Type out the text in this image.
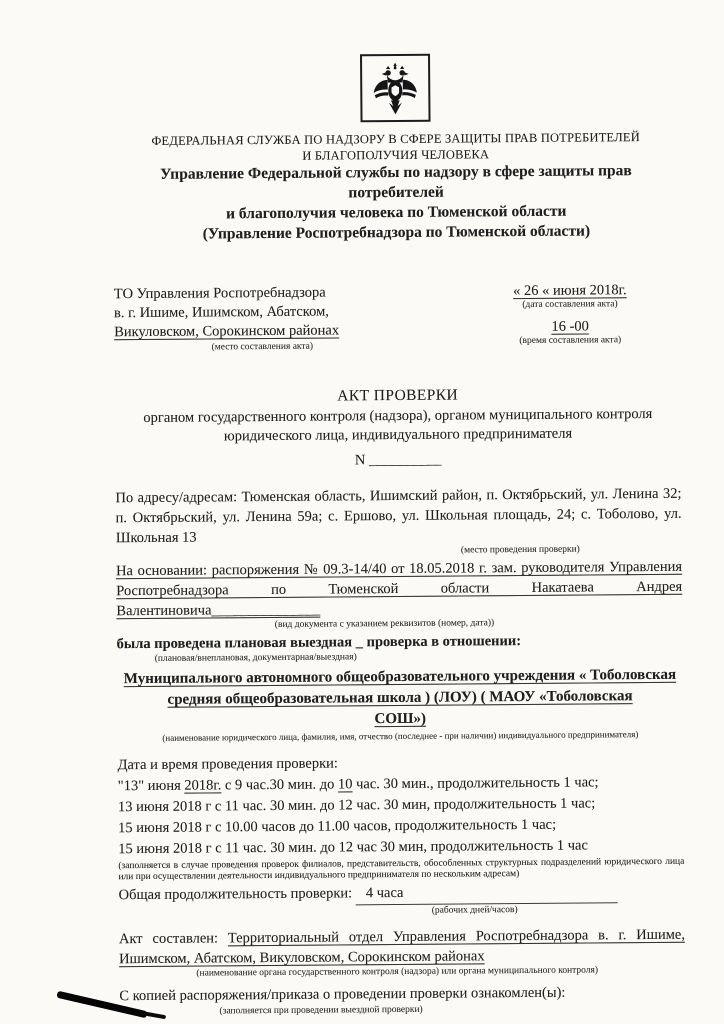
ФЕДЕРАЛЬНАЯ СЛУЖБА ПО НАДЗОРУ В СФЕРЕ ЗАЩИТЫ ПРАВ ПОТРЕБИТЕЛЕЙ
И БЛАГОПОЛУЧИЯ ЧЕЛОВЕКА
Управление Федеральной службы по надзору в сфере защиты прав
потребителей
и благополучия человека по Тюменской области
(Управление Роспотребнадзора по Тюменской области)
ТО Управления Роспотребнадзора
в. г. Ишиме, Ишимском, Абатском,
Викуловском, Сорокинском районах
(место составления акта)
« 26 « июня 2018г.
(дата составления акта)
16 -00
(время составления акта)
АКТ ПРОВЕРКИ
органом государственного контроля (надзора), органом муниципального контроля
юридического лица, индивидуального предпринимателя
N __________

По адресу/адресам: Тюменская область, Ишимский район, п. Октябрьский, ул. Ленина 32; п. Октябрьский, ул. Ленина 59а; с. Ершово, ул. Школьная площадь, 24; с. Тоболово, ул. Школьная 13

(место проведения проверки)

На основании: распоряжения № 09.3-14/40 от 18.05.2018 г. зам. руководителя Управления Роспотребнадзора по Тюменской области Накатаева Андрея Валентиновича_______________

(вид документа с указанием реквизитов (номер, дата))

была проведена плановая выездная _ проверка в отношении:

(плановая/внеплановая, документарная/выездная)
Муниципального автономного общеобразовательного учреждения « Тоболовская
средняя общеобразовательная школа ) (ЛОУ) ( МАОУ «Тоболовская
СОШ»)
(наименование юридического лица, фамилия, имя, отчество (последнее - при наличии) индивидуального предпринимателя)
Дата и время проведения проверки:
"13" июня 2018г. с 9 час.30 мин. до 10 час. 30 мин., продолжительность 1 час;
13 июня 2018 г с 11 час. 30 мин. до 12 час. 30 мин, продолжительность 1 час;
15 июня 2018 г с 10.00 часов до 11.00 часов, продолжительность 1 час;
15 июня 2018 г с 11 час. 30 мин. до 12 час 30 мин, продолжительность 1 час
(заполняется в случае проведения проверок филиалов, представительств, обособленных структурных подразделений юридического лица или при осуществлении деятельности индивидуального предпринимателя по нескольким адресам)
Общая продолжительность проверки: 4 часа
(рабочих дней/часов)

Акт составлен: Территориальный отдел Управления Роспотребнадзора в. г. Ишиме, Ишимском, Абатском, Викуловском, Сорокинском районах

(наименование органа государственного контроля (надзора) или органа муниципального контроля)

С копией распоряжения/приказа о проведении проверки ознакомлен(ы):

(заполняется при проведении выездной проверки)
